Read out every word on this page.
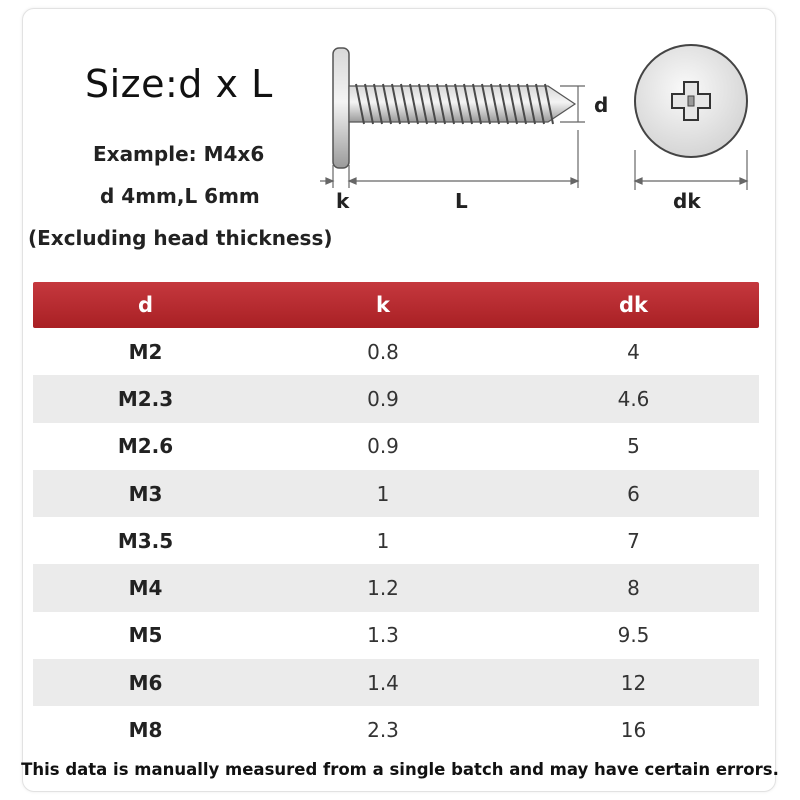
Size:d x L
Example: M4x6
d 4mm,L 6mm
(Excluding head thickness)
d
k	L	dk
d	k	dk
M2	0.8	4
M2.3	0.9	4.6
M2.6	0.9	5
M3	1	6
M3.5	1	7
M4	1.2	8
M5	1.3	9.5
M6	1.4	12
M8	2.3	16
This data is manually measured from a single batch and may have certain errors.
